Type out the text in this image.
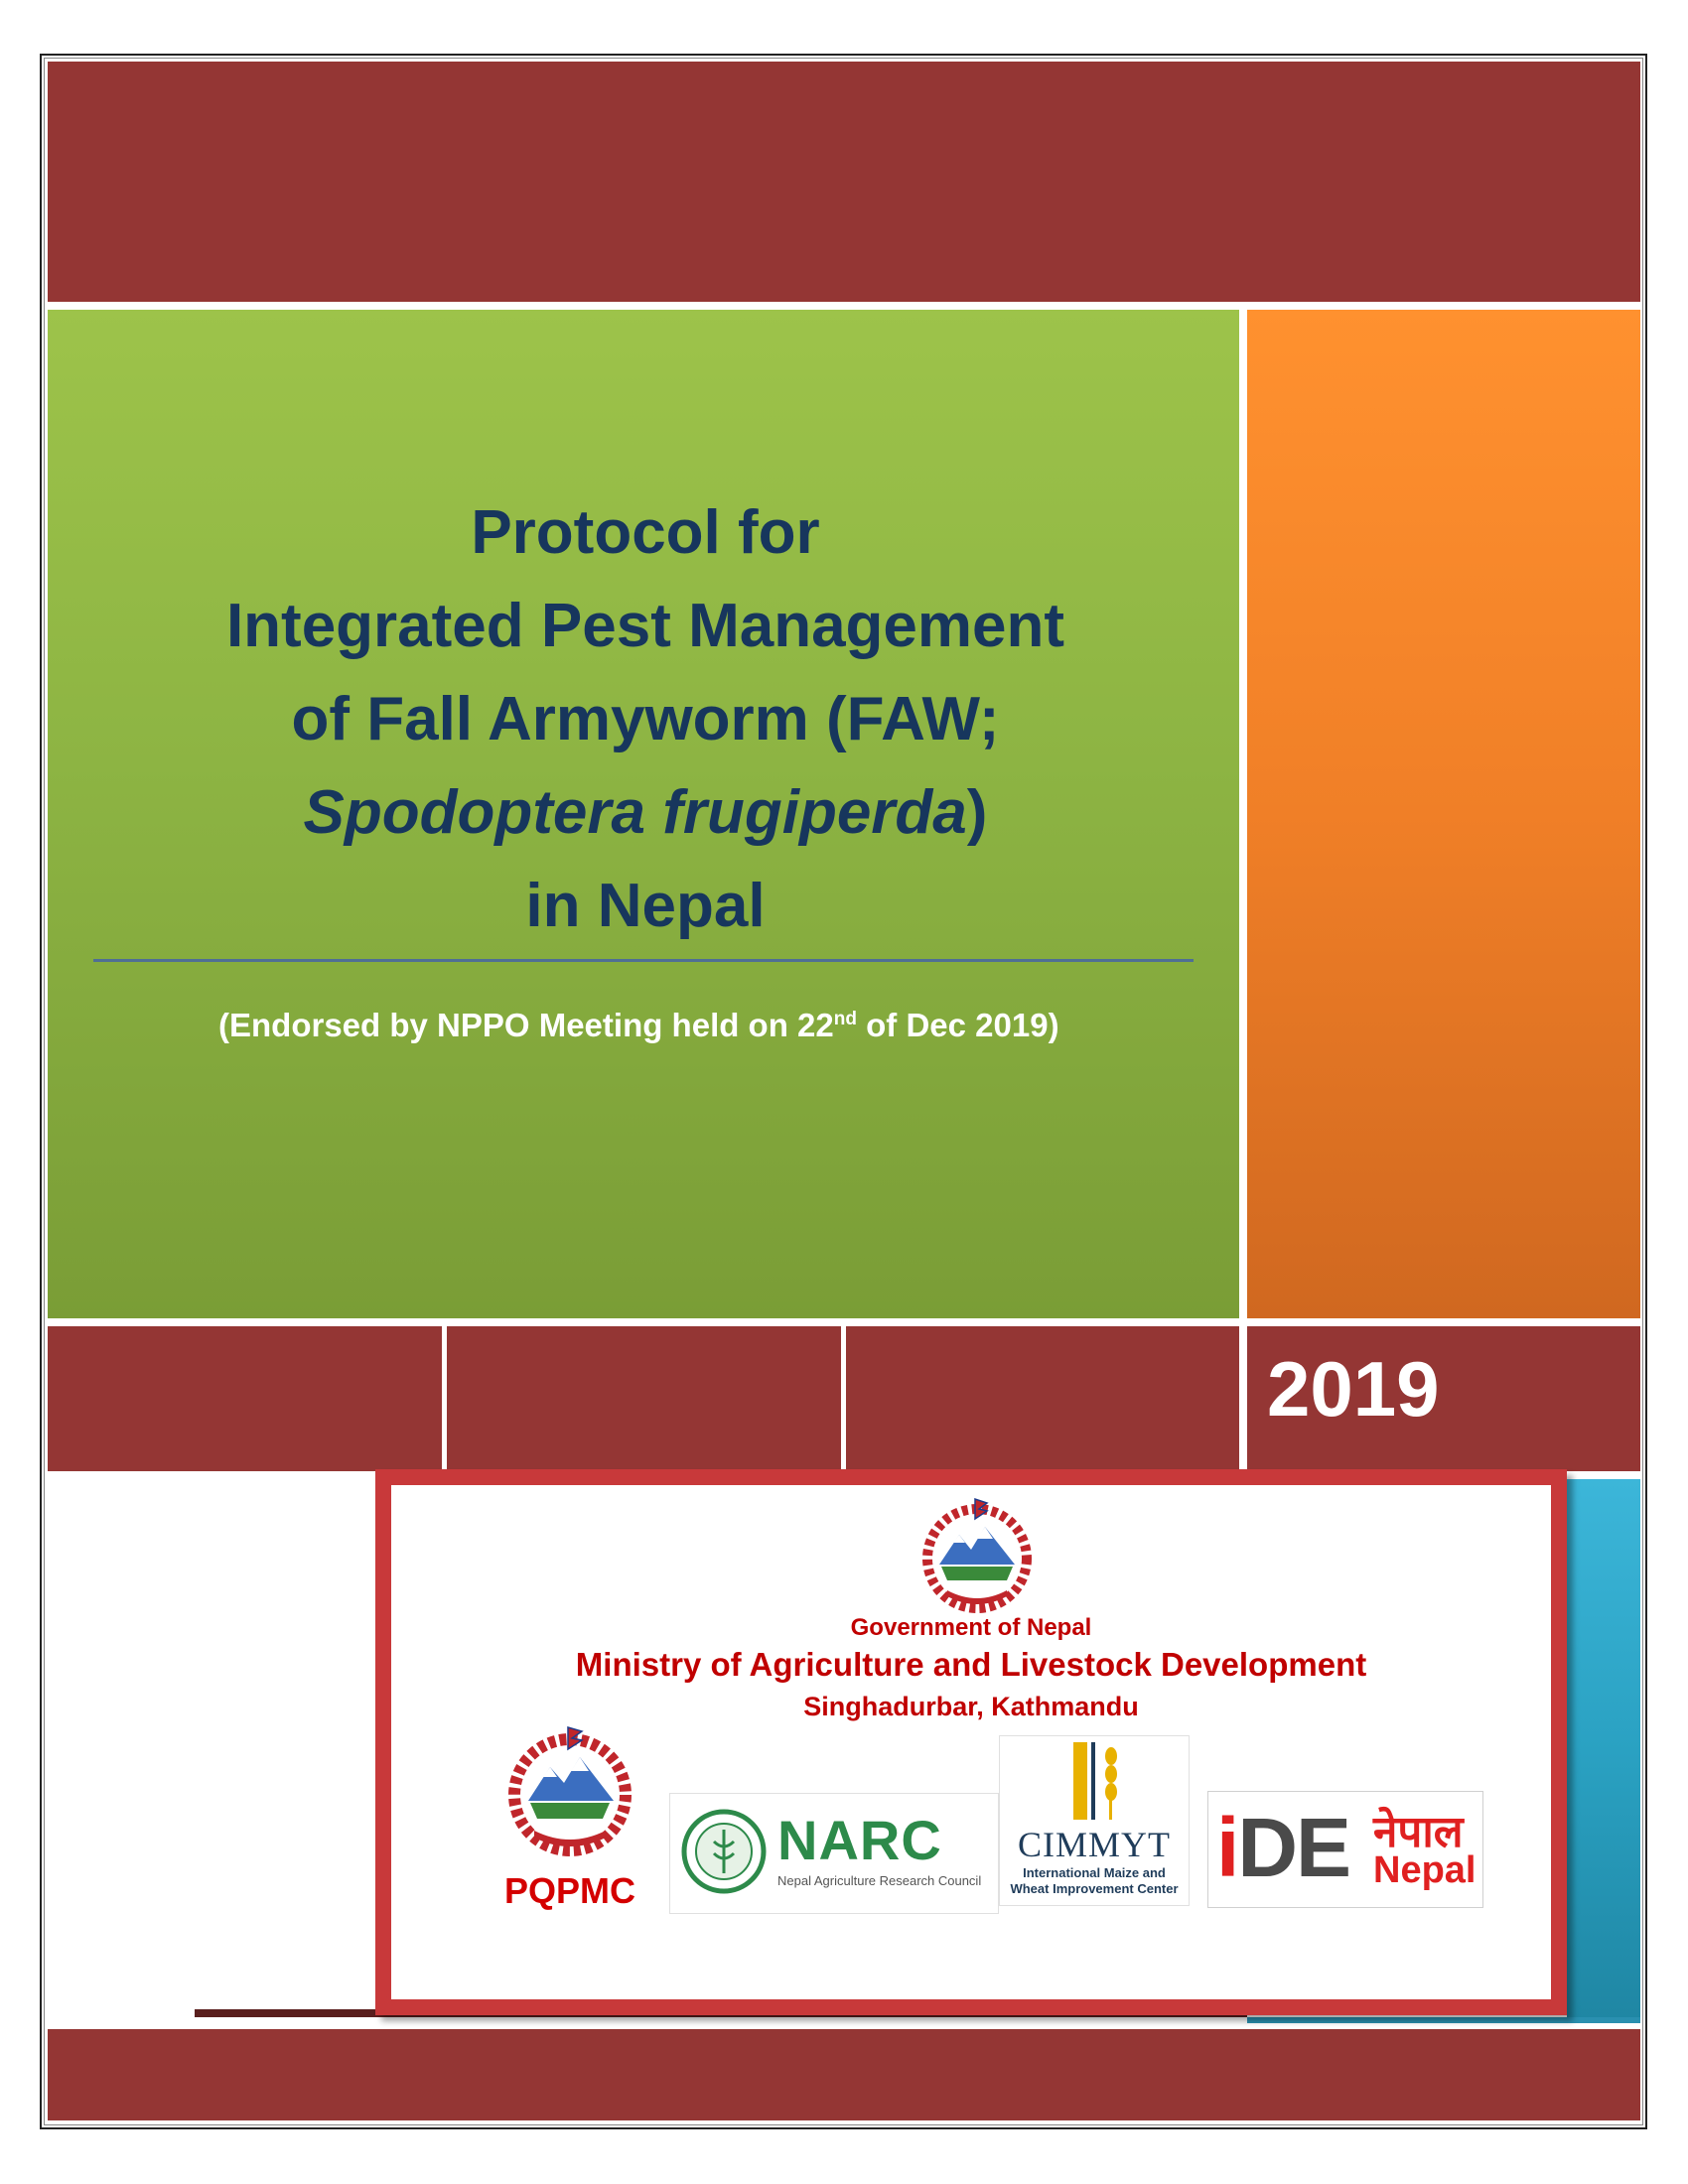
Protocol for
Integrated Pest Management
of Fall Armyworm (FAW;
Spodoptera frugiperda)
in Nepal
(Endorsed by NPPO Meeting held on 22nd of Dec 2019)
2019
Government of Nepal
Ministry of Agriculture and Livestock Development
Singhadurbar, Kathmandu
PQPMC
NARC
Nepal Agriculture Research Council
CIMMYT
International Maize and
Wheat Improvement Center iDE नेपाल
Nepal
